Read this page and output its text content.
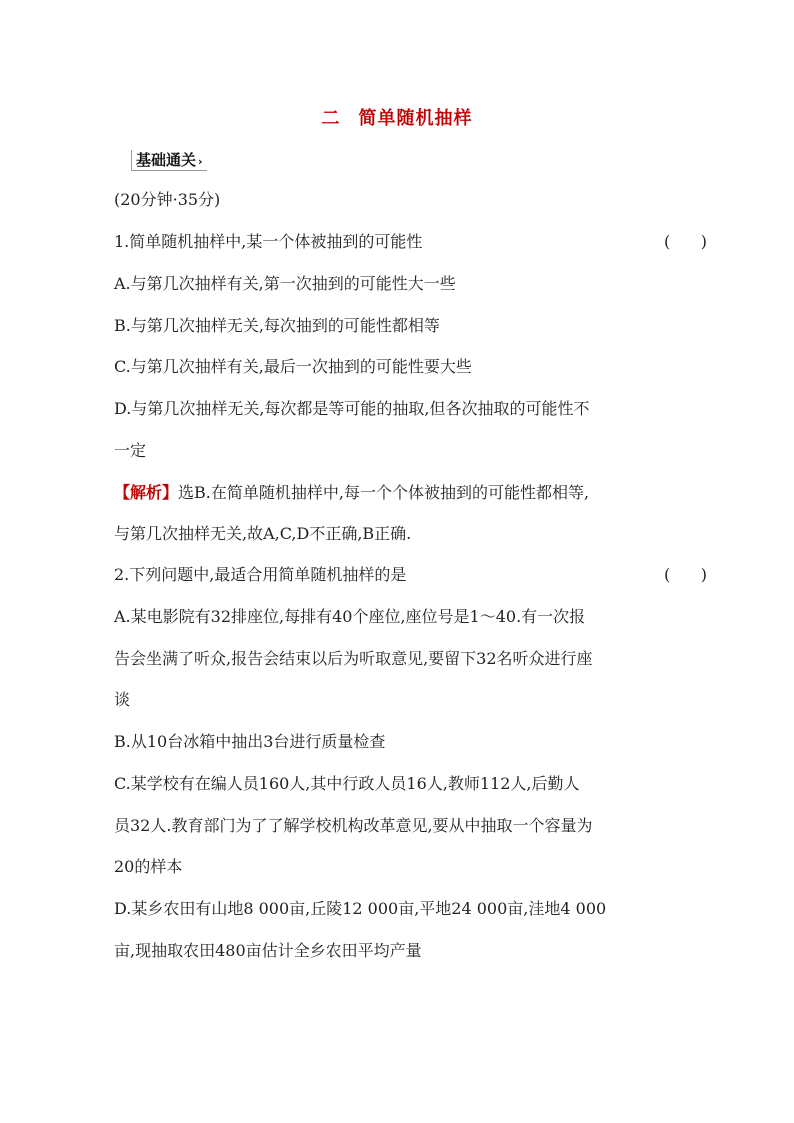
二 简单随机抽样
基础通关 ›
(20分钟·35分)
1.简单随机抽样中,某一个体被抽到的可能性	(      )
A.与第几次抽样有关,第一次抽到的可能性大一些
B.与第几次抽样无关,每次抽到的可能性都相等
C.与第几次抽样有关,最后一次抽到的可能性要大些
D.与第几次抽样无关,每次都是等可能的抽取,但各次抽取的可能性不
一定
【解析】选B.在简单随机抽样中,每一个个体被抽到的可能性都相等,
与第几次抽样无关,故A,C,D不正确,B正确.
2.下列问题中,最适合用简单随机抽样的是	(      )
A.某电影院有32排座位,每排有40个座位,座位号是1～40.有一次报
告会坐满了听众,报告会结束以后为听取意见,要留下32名听众进行座
谈
B.从10台冰箱中抽出3台进行质量检查
C.某学校有在编人员160人,其中行政人员16人,教师112人,后勤人
员32人.教育部门为了了解学校机构改革意见,要从中抽取一个容量为
20的样本
D.某乡农田有山地8 000亩,丘陵12 000亩,平地24 000亩,洼地4 000
亩,现抽取农田480亩估计全乡农田平均产量
